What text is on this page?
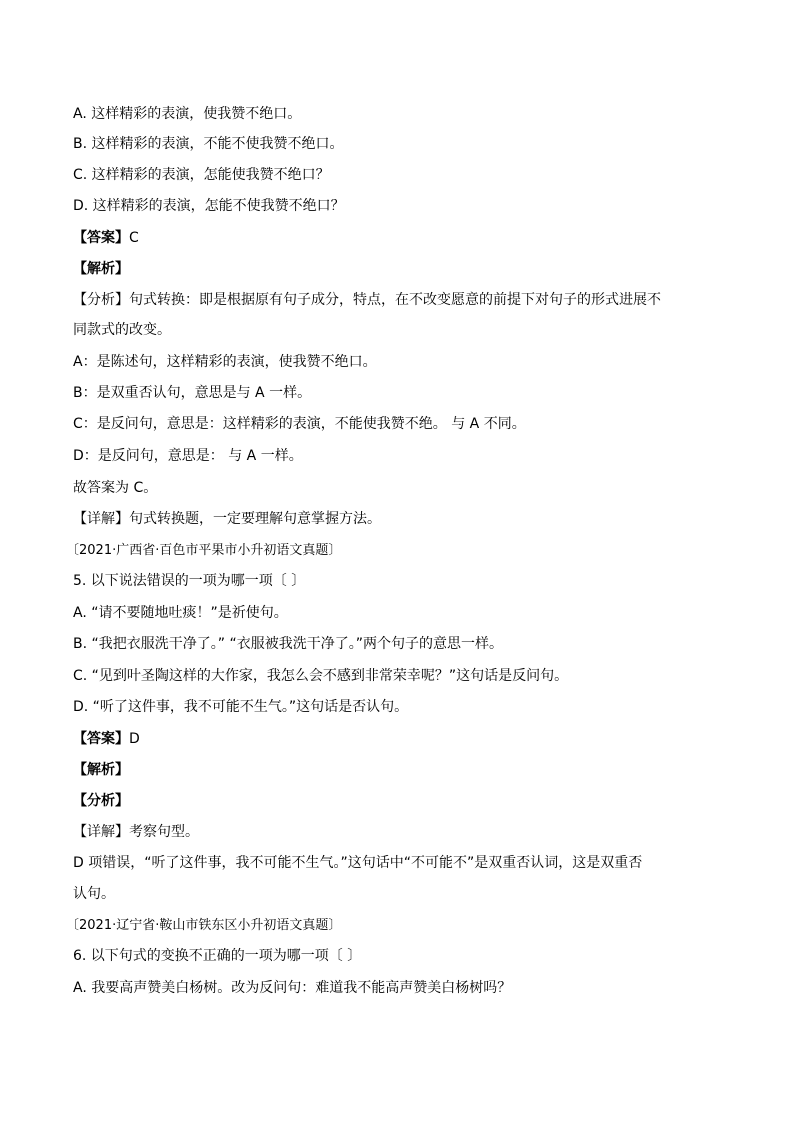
A. 这样精彩的表演，使我赞不绝口。
B. 这样精彩的表演，不能不使我赞不绝口。
C. 这样精彩的表演，怎能使我赞不绝口？
D. 这样精彩的表演，怎能不使我赞不绝口？
【答案】C
【解析】
【分析】句式转换：即是根据原有句子成分，特点，在不改变愿意的前提下对句子的形式进展不
同款式的改变。
A：是陈述句，这样精彩的表演，使我赞不绝口。
B：是双重否认句，意思是与 A 一样。
C：是反问句，意思是：这样精彩的表演，不能使我赞不绝。 与 A 不同。
D：是反问句，意思是： 与 A 一样。
故答案为 C。
【详解】句式转换题，一定要理解句意掌握方法。
〔2021·广西省·百色市平果市小升初语文真题〕
5. 以下说法错误的一项为哪一项〔 〕
A. “请不要随地吐痰！”是祈使句。
B. “我把衣服洗干净了。” “衣服被我洗干净了。”两个句子的意思一样。
C. “见到叶圣陶这样的大作家，我怎么会不感到非常荣幸呢？”这句话是反问句。
D. “听了这件事，我不可能不生气。”这句话是否认句。
【答案】D
【解析】
【分析】
【详解】考察句型。
D 项错误，“听了这件事，我不可能不生气。”这句话中“不可能不”是双重否认词，这是双重否
认句。
〔2021·辽宁省·鞍山市铁东区小升初语文真题〕
6. 以下句式的变换不正确的一项为哪一项〔 〕
A. 我要高声赞美白杨树。改为反问句：难道我不能高声赞美白杨树吗？
